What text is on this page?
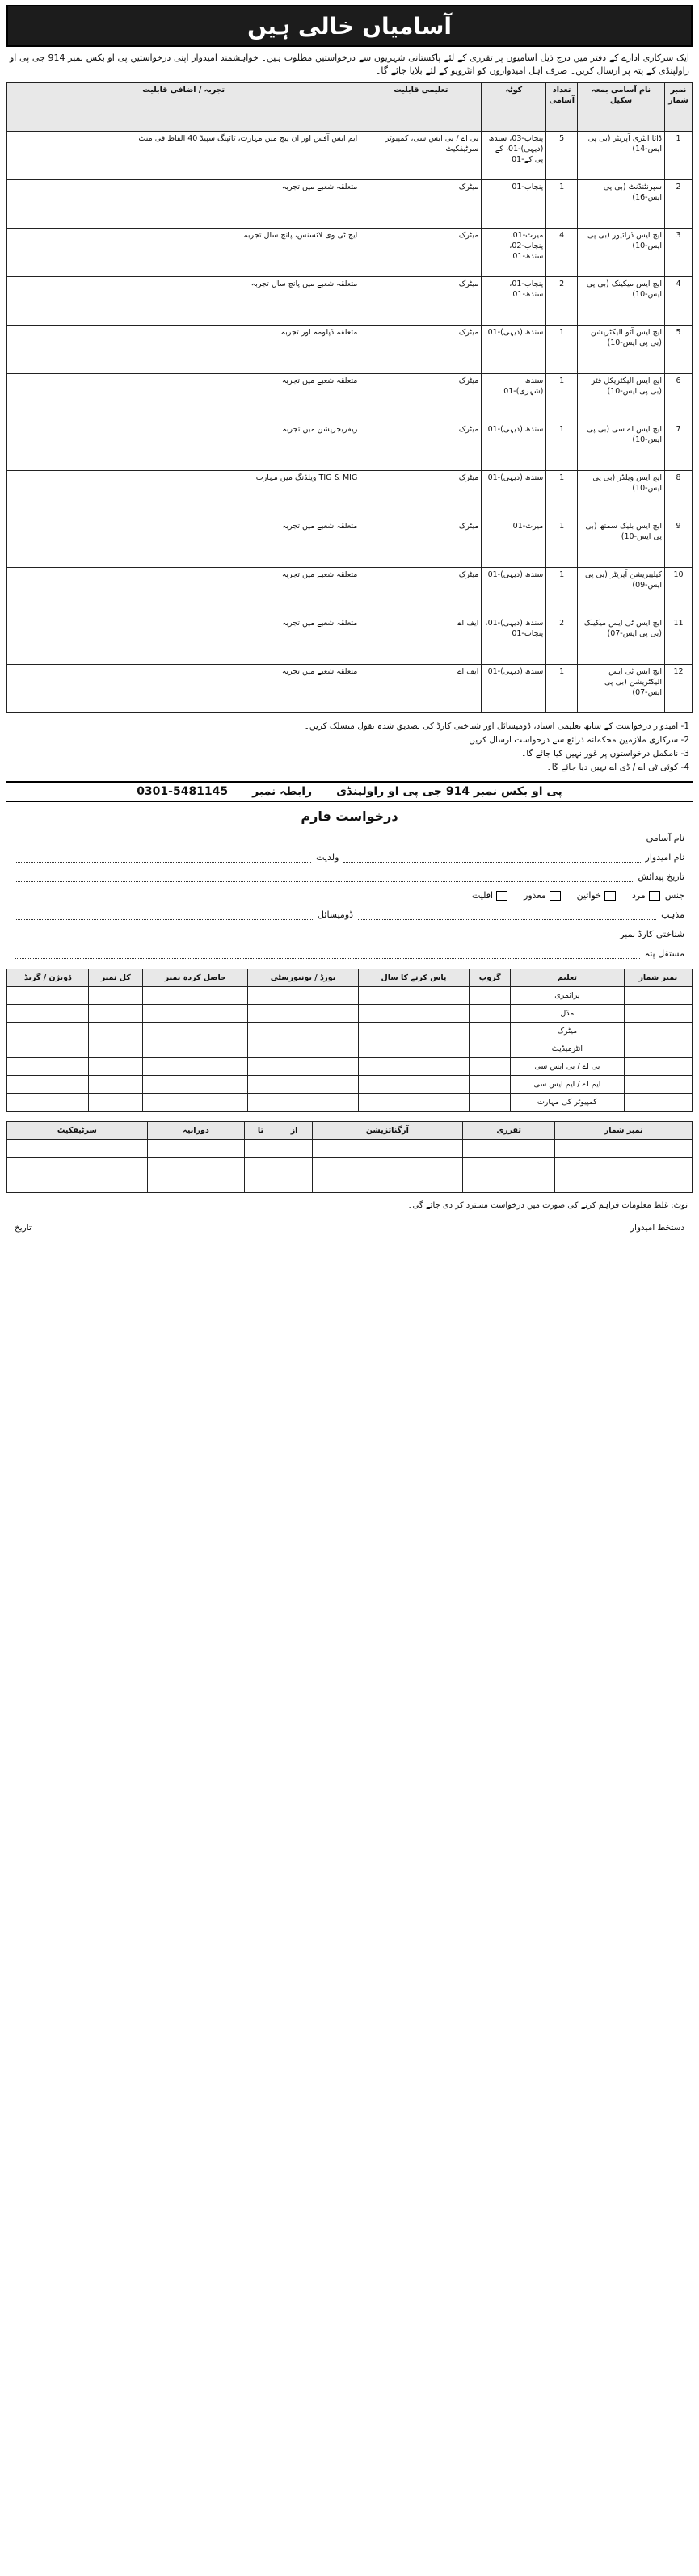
آسامیاں خالی ہیں

ایک سرکاری ادارے کے دفتر میں درج ذیل آسامیوں پر تقرری کے لئے پاکستانی شہریوں سے درخواستیں مطلوب ہیں۔ خواہشمند امیدوار اپنی درخواستیں پی او بکس نمبر 914 جی پی او راولپنڈی کے پتہ پر ارسال کریں۔ صرف اہل امیدواروں کو انٹرویو کے لئے بلایا جائے گا۔

نمبر شمار	نام آسامی بمعہ سکیل	تعداد آسامی	کوٹہ	تعلیمی قابلیت	تجربہ / اضافی قابلیت
1	ڈاٹا انٹری آپریٹر (بی پی ایس-14)	5	پنجاب-03، سندھ (دیہی)-01، کے پی کے-01	بی اے / بی ایس سی، کمپیوٹر سرٹیفکیٹ	ایم ایس آفس اور ان پیج میں مہارت، ٹائپنگ سپیڈ 40 الفاظ فی منٹ
2	سپرنٹنڈنٹ (بی پی ایس-16)	1	پنجاب-01	میٹرک	متعلقہ شعبے میں تجربہ
3	ایچ ایس ڈرائیور (بی پی ایس-10)	4	میرٹ-01، پنجاب-02، سندھ-01	میٹرک	ایچ ٹی وی لائسنس، پانچ سال تجربہ
4	ایچ ایس میکینک (بی پی ایس-10)	2	پنجاب-01، سندھ-01	میٹرک	متعلقہ شعبے میں پانچ سال تجربہ
5	ایچ ایس آٹو الیکٹریشن (بی پی ایس-10)	1	سندھ (دیہی)-01	میٹرک	متعلقہ ڈپلومہ اور تجربہ
6	ایچ ایس الیکٹریکل فٹر (بی پی ایس-10)	1	سندھ (شہری)-01	میٹرک	متعلقہ شعبے میں تجربہ
7	ایچ ایس اے سی (بی پی ایس-10)	1	سندھ (دیہی)-01	میٹرک	ریفریجریشن میں تجربہ
8	ایچ ایس ویلڈر (بی پی ایس-10)	1	سندھ (دیہی)-01	میٹرک	TIG & MIG ویلڈنگ میں مہارت
9	ایچ ایس بلیک سمتھ (بی پی ایس-10)	1	میرٹ-01	میٹرک	متعلقہ شعبے میں تجربہ
10	کیلیبریشن آپریٹر (بی پی ایس-09)	1	سندھ (دیہی)-01	میٹرک	متعلقہ شعبے میں تجربہ
11	ایچ ایس ٹی ایس میکینک (بی پی ایس-07)	2	سندھ (دیہی)-01، پنجاب-01	ایف اے	متعلقہ شعبے میں تجربہ
12	ایچ ایس ٹی ایس الیکٹریشن (بی پی ایس-07)	1	سندھ (دیہی)-01	ایف اے	متعلقہ شعبے میں تجربہ
1- امیدوار درخواست کے ساتھ تعلیمی اسناد، ڈومیسائل اور شناختی کارڈ کی تصدیق شدہ نقول منسلک کریں۔
2- سرکاری ملازمین محکمانہ ذرائع سے درخواست ارسال کریں۔
3- نامکمل درخواستوں پر غور نہیں کیا جائے گا۔
4- کوئی ٹی اے / ڈی اے نہیں دیا جائے گا۔
پی او بکس نمبر 914 جی پی او راولپنڈی
رابطہ نمبر
0301-5481145
درخواست فارم
نام آسامی
نام امیدوار
ولدیت
تاریخ پیدائش
جنس
مرد
خواتین
معذور
اقلیت
مذہب
ڈومیسائل
شناختی کارڈ نمبر
مستقل پتہ
نمبر شمار	تعلیم	گروپ	پاس کرنے کا سال	بورڈ / یونیورسٹی	حاصل کردہ نمبر	کل نمبر	ڈویژن / گریڈ
	پرائمری						
	مڈل						
	میٹرک						
	انٹرمیڈیٹ						
	بی اے / بی ایس سی						
	ایم اے / ایم ایس سی						
	کمپیوٹر کی مہارت						
نمبر شمار	تقرری	آرگنائزیشن	از	تا	دورانیہ	سرٹیفکیٹ

نوٹ: غلط معلومات فراہم کرنے کی صورت میں درخواست مسترد کر دی جائے گی۔

دستخط امیدوار
تاریخ
